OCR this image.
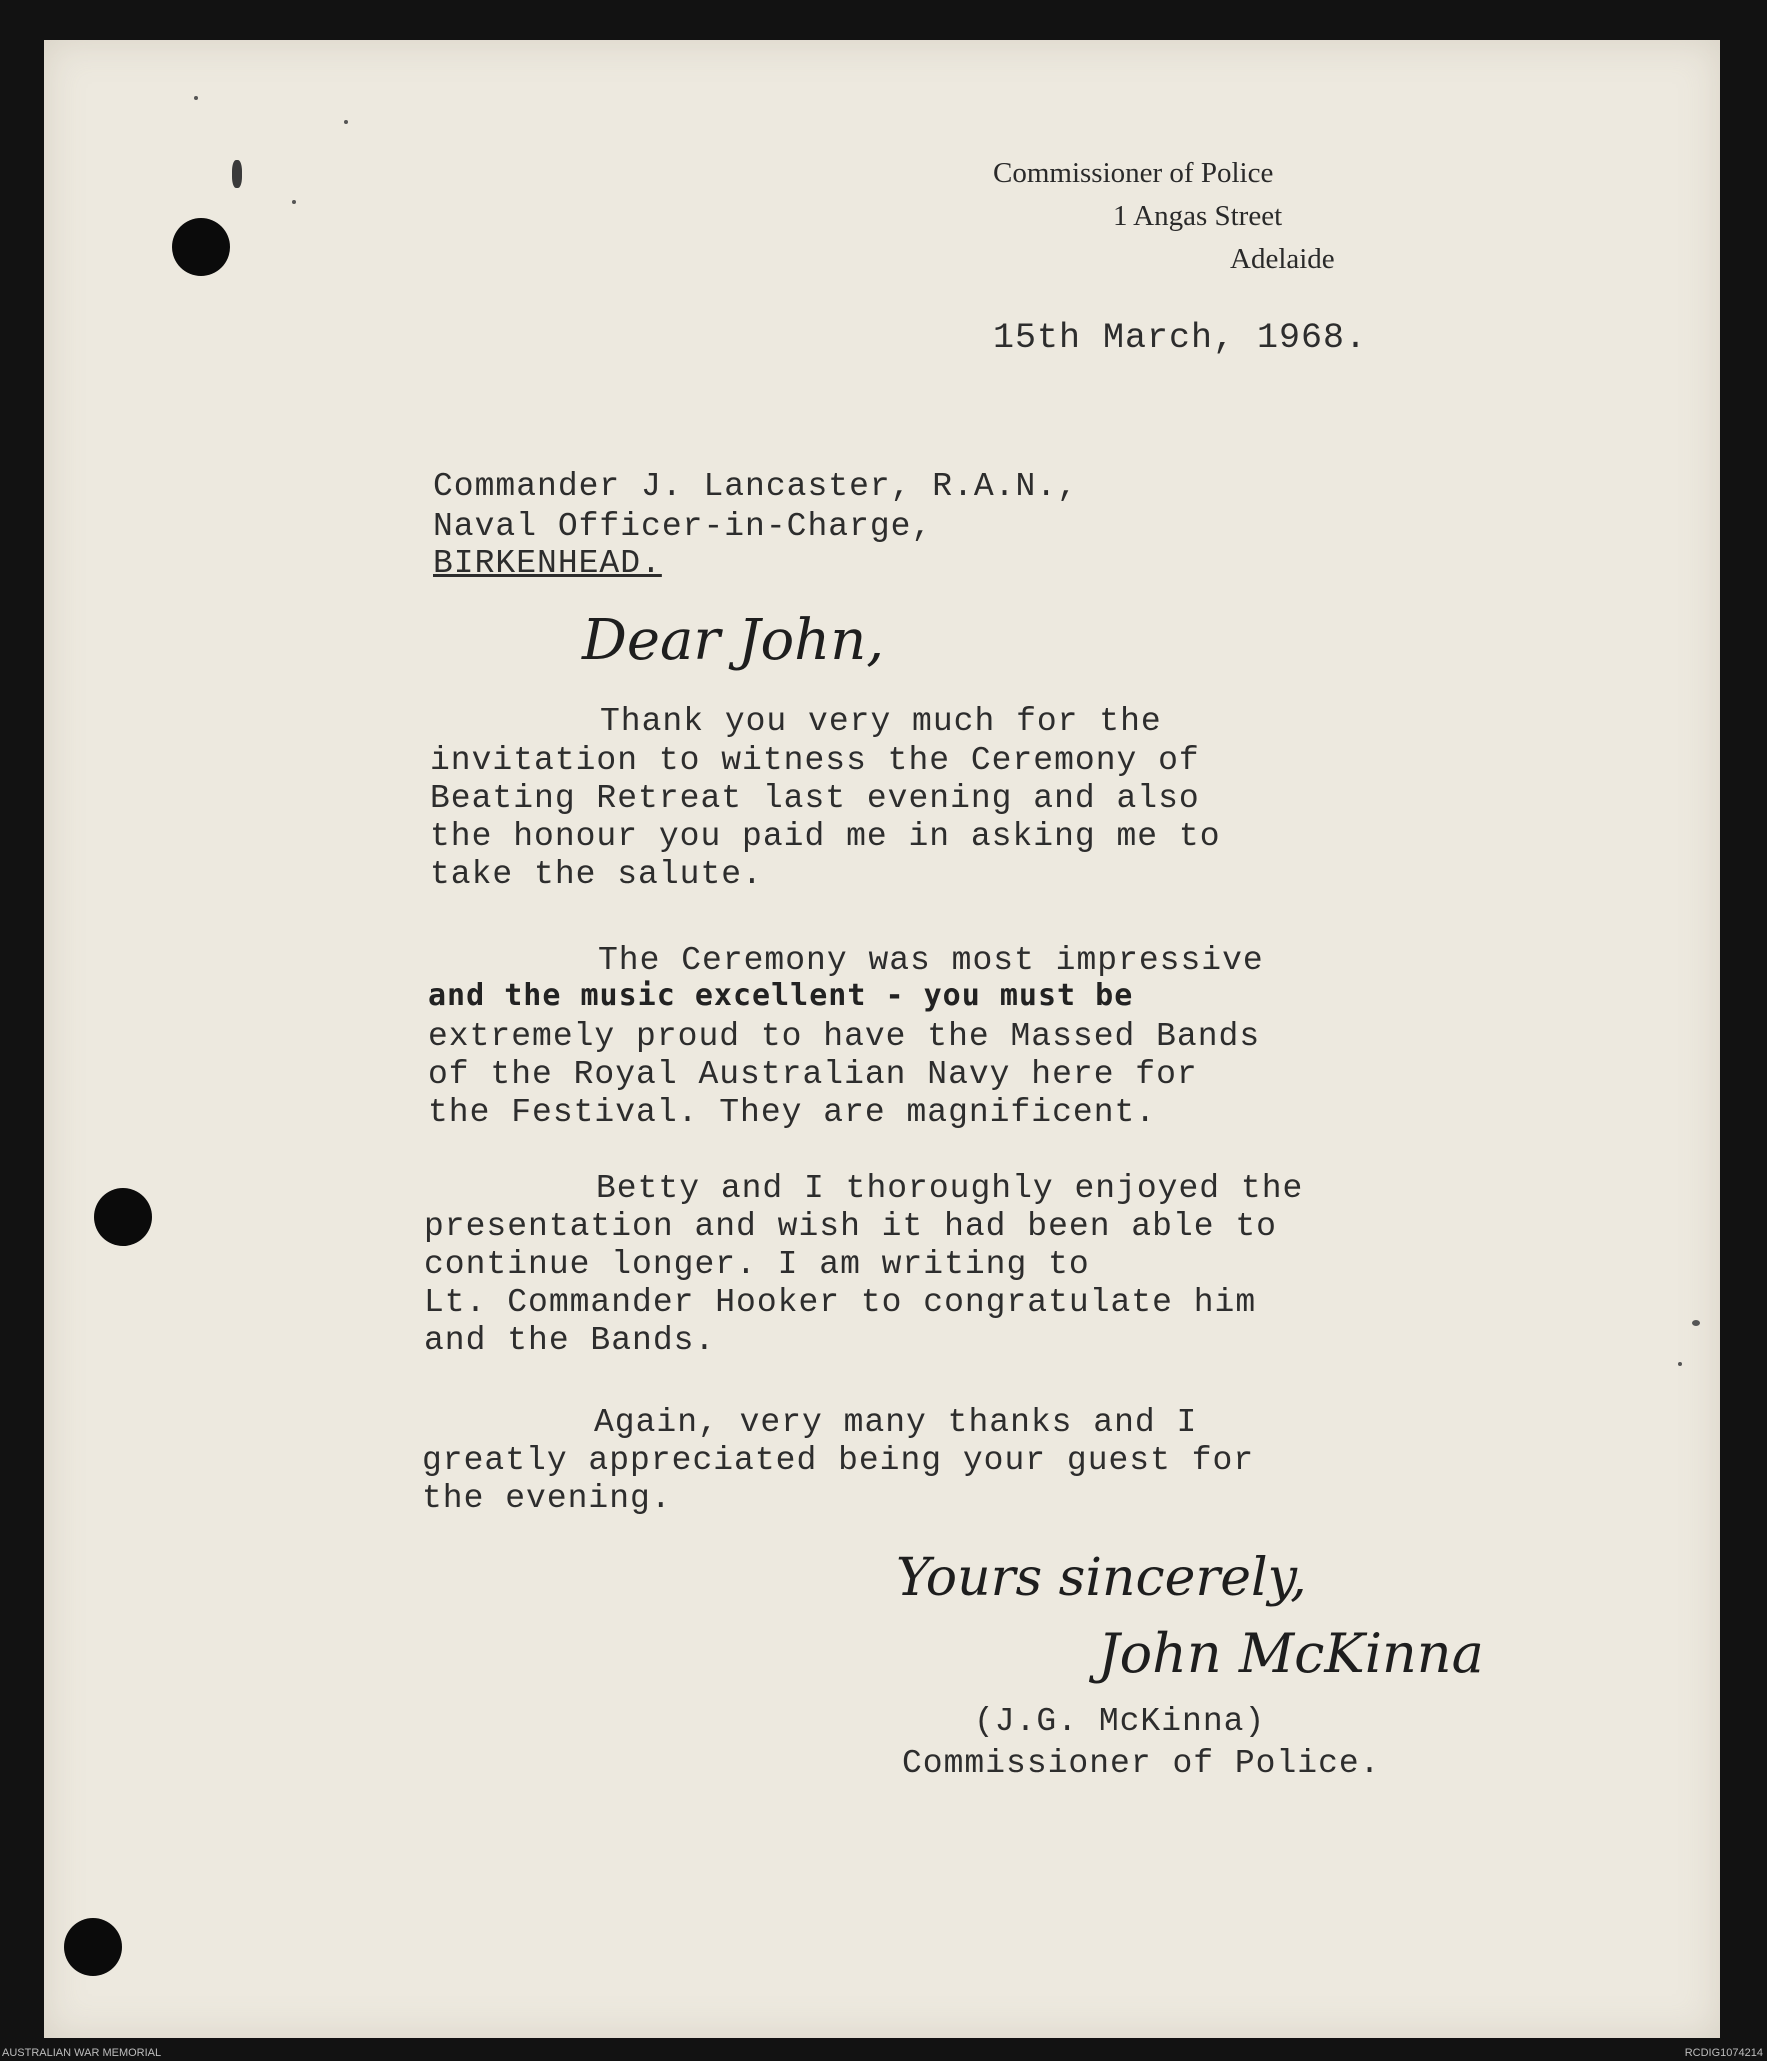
Commissioner of Police
1 Angas Street
Adelaide
15th March, 1968.
Commander J. Lancaster, R.A.N.,
Naval Officer-in-Charge,
BIRKENHEAD.
Dear John,
Thank you very much for the
invitation to witness the Ceremony of
Beating Retreat last evening and also
the honour you paid me in asking me to
take the salute.
The Ceremony was most impressive
and the music excellent - you must be
extremely proud to have the Massed Bands
of the Royal Australian Navy here for
the Festival. They are magnificent.
Betty and I thoroughly enjoyed the
presentation and wish it had been able to
continue longer. I am writing to
Lt. Commander Hooker to congratulate him
and the Bands.
Again, very many thanks and I
greatly appreciated being your guest for
the evening.
Yours sincerely,
John McKinna
(J.G. McKinna)
Commissioner of Police.
AUSTRALIAN WAR MEMORIAL	RCDIG1074214
